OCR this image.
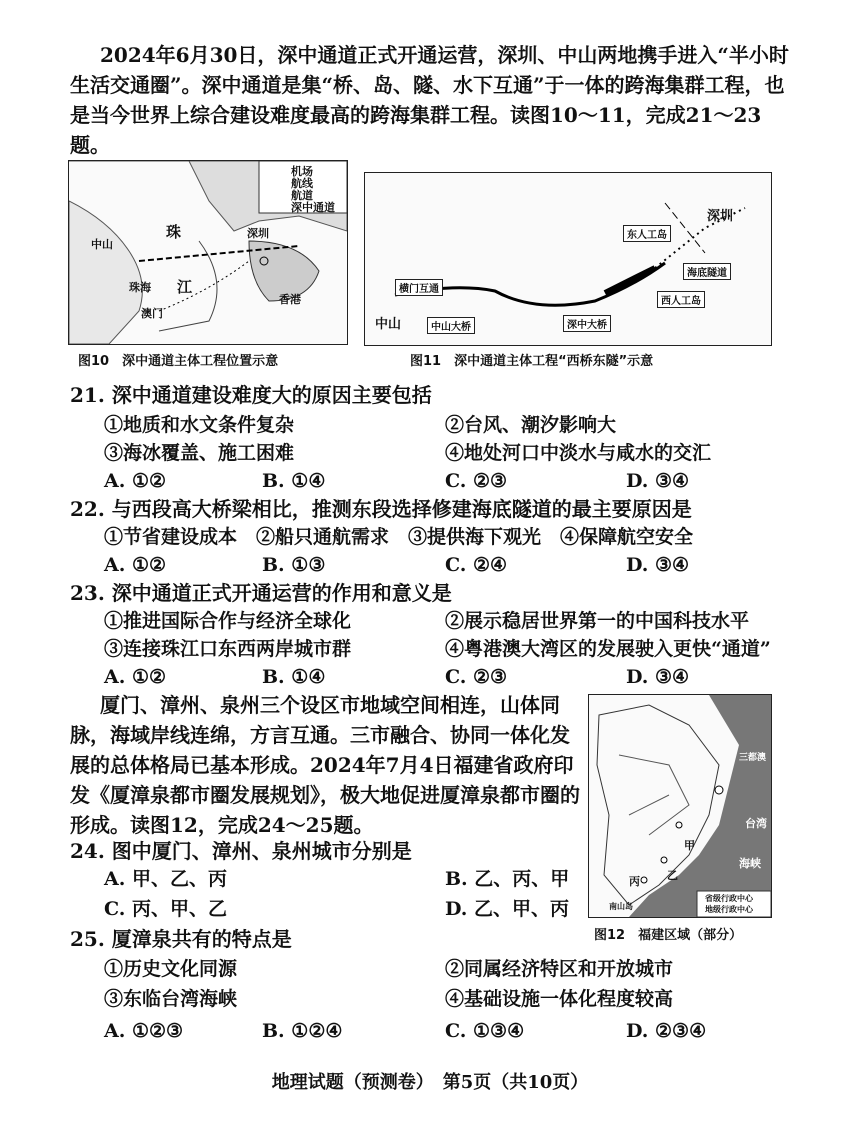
2024年6月30日，深中通道正式开通运营，深圳、中山两地携手进入“半小时生活交通圈”。深中通道是集“桥、岛、隧、水下互通”于一体的跨海集群工程，也是当今世界上综合建设难度最高的跨海集群工程。读图10～11，完成21～23题。
机场
航线
航道
深中通道
中山
珠海
澳门
珠
江
深圳
香港
图10　深中通道主体工程位置示意
深圳
中山
横门互通
中山大桥	深中大桥
东人工岛
西人工岛
海底隧道
图11　深中通道主体工程“西桥东隧”示意
21. 深中通道建设难度大的原因主要包括
①地质和水文条件复杂	②台风、潮汐影响大
③海冰覆盖、施工困难	④地处河口中淡水与咸水的交汇
A. ①②	B. ①④	C. ②③	D. ③④
22. 与西段高大桥梁相比，推测东段选择修建海底隧道的最主要原因是
①节省建设成本　②船只通航需求　③提供海下观光　④保障航空安全
A. ①②	B. ①③	C. ②④	D. ③④
23. 深中通道正式开通运营的作用和意义是
①推进国际合作与经济全球化	②展示稳居世界第一的中国科技水平
③连接珠江口东西两岸城市群	④粤港澳大湾区的发展驶入更快“通道”
A. ①②	B. ①④	C. ②③	D. ③④
厦门、漳州、泉州三个设区市地域空间相连，山体同脉，海域岸线连绵，方言互通。三市融合、协同一体化发展的总体格局已基本形成。2024年7月4日福建省政府印发《厦漳泉都市圈发展规划》，极大地促进厦漳泉都市圈的形成。读图12，完成24～25题。
三都澳
台湾
海峡
甲
乙
丙
南山岛
省级行政中心
地级行政中心
图12　福建区域（部分）
24. 图中厦门、漳州、泉州城市分别是
A. 甲、乙、丙	B. 乙、丙、甲
C. 丙、甲、乙	D. 乙、甲、丙
25. 厦漳泉共有的特点是
①历史文化同源	②同属经济特区和开放城市
③东临台湾海峡	④基础设施一体化程度较高
A. ①②③	B. ①②④	C. ①③④	D. ②③④
地理试题（预测卷）　第5页（共10页）
